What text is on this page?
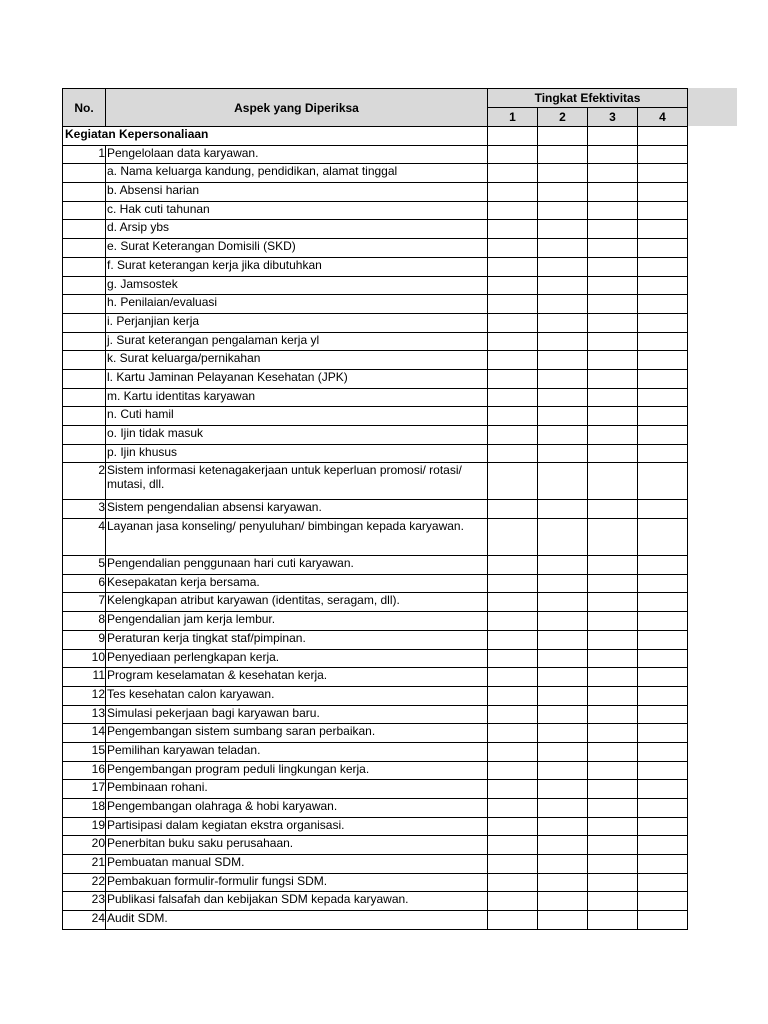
No.	Aspek yang Diperiksa	Tingkat Efektivitas			
		1	2	3	4
Kegiatan Kepersonaliaan					
1	Pengelolaan data karyawan.				
	a. Nama keluarga kandung, pendidikan, alamat tinggal				
	b. Absensi harian				
	c. Hak cuti tahunan				
	d. Arsip ybs				
	e. Surat Keterangan Domisili (SKD)				
	f. Surat keterangan kerja jika dibutuhkan				
	g. Jamsostek				
	h. Penilaian/evaluasi				
	i. Perjanjian kerja				
	j. Surat keterangan pengalaman kerja yl				
	k. Surat keluarga/pernikahan				
	l. Kartu Jaminan Pelayanan Kesehatan (JPK)				
	m. Kartu identitas karyawan				
	n. Cuti hamil				
	o. Ijin tidak masuk				
	p. Ijin khusus				
2	Sistem informasi ketenagakerjaan untuk keperluan promosi/ rotasi/ mutasi, dll.				
3	Sistem pengendalian absensi karyawan.				
4	Layanan jasa konseling/ penyuluhan/ bimbingan kepada karyawan.				
5	Pengendalian penggunaan hari cuti karyawan.				
6	Kesepakatan kerja bersama.				
7	Kelengkapan atribut karyawan (identitas, seragam, dll).				
8	Pengendalian jam kerja lembur.				
9	Peraturan kerja tingkat staf/pimpinan.				
10	Penyediaan perlengkapan kerja.				
11	Program keselamatan & kesehatan kerja.				
12	Tes kesehatan calon karyawan.				
13	Simulasi pekerjaan bagi karyawan baru.				
14	Pengembangan sistem sumbang saran perbaikan.				
15	Pemilihan karyawan teladan.				
16	Pengembangan program peduli lingkungan kerja.				
17	Pembinaan rohani.				
18	Pengembangan olahraga & hobi karyawan.				
19	Partisipasi dalam kegiatan ekstra organisasi.				
20	Penerbitan buku saku perusahaan.				
21	Pembuatan manual SDM.				
22	Pembakuan formulir-formulir fungsi SDM.				
23	Publikasi falsafah dan kebijakan SDM kepada karyawan.				
24	Audit SDM.				
